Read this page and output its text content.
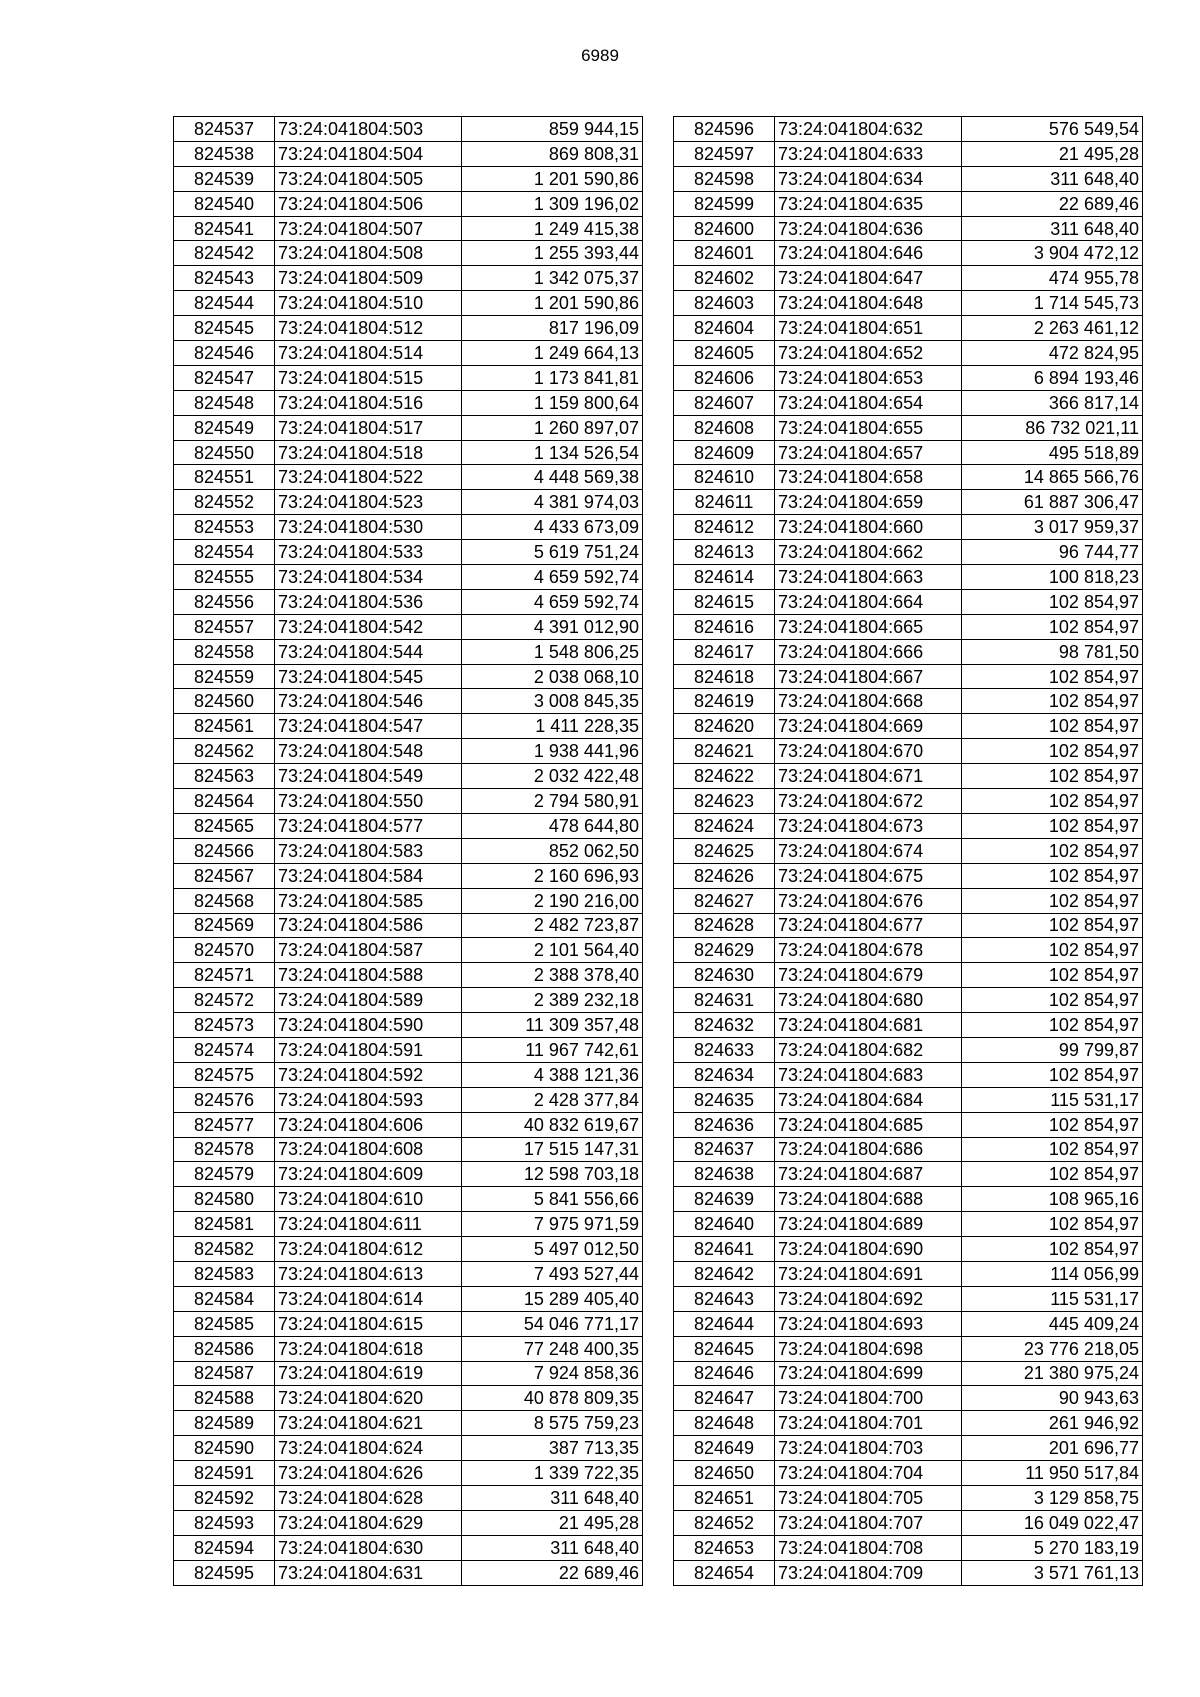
6989
824537	73:24:041804:503	859 944,15
824538	73:24:041804:504	869 808,31
824539	73:24:041804:505	1 201 590,86
824540	73:24:041804:506	1 309 196,02
824541	73:24:041804:507	1 249 415,38
824542	73:24:041804:508	1 255 393,44
824543	73:24:041804:509	1 342 075,37
824544	73:24:041804:510	1 201 590,86
824545	73:24:041804:512	817 196,09
824546	73:24:041804:514	1 249 664,13
824547	73:24:041804:515	1 173 841,81
824548	73:24:041804:516	1 159 800,64
824549	73:24:041804:517	1 260 897,07
824550	73:24:041804:518	1 134 526,54
824551	73:24:041804:522	4 448 569,38
824552	73:24:041804:523	4 381 974,03
824553	73:24:041804:530	4 433 673,09
824554	73:24:041804:533	5 619 751,24
824555	73:24:041804:534	4 659 592,74
824556	73:24:041804:536	4 659 592,74
824557	73:24:041804:542	4 391 012,90
824558	73:24:041804:544	1 548 806,25
824559	73:24:041804:545	2 038 068,10
824560	73:24:041804:546	3 008 845,35
824561	73:24:041804:547	1 411 228,35
824562	73:24:041804:548	1 938 441,96
824563	73:24:041804:549	2 032 422,48
824564	73:24:041804:550	2 794 580,91
824565	73:24:041804:577	478 644,80
824566	73:24:041804:583	852 062,50
824567	73:24:041804:584	2 160 696,93
824568	73:24:041804:585	2 190 216,00
824569	73:24:041804:586	2 482 723,87
824570	73:24:041804:587	2 101 564,40
824571	73:24:041804:588	2 388 378,40
824572	73:24:041804:589	2 389 232,18
824573	73:24:041804:590	11 309 357,48
824574	73:24:041804:591	11 967 742,61
824575	73:24:041804:592	4 388 121,36
824576	73:24:041804:593	2 428 377,84
824577	73:24:041804:606	40 832 619,67
824578	73:24:041804:608	17 515 147,31
824579	73:24:041804:609	12 598 703,18
824580	73:24:041804:610	5 841 556,66
824581	73:24:041804:611	7 975 971,59
824582	73:24:041804:612	5 497 012,50
824583	73:24:041804:613	7 493 527,44
824584	73:24:041804:614	15 289 405,40
824585	73:24:041804:615	54 046 771,17
824586	73:24:041804:618	77 248 400,35
824587	73:24:041804:619	7 924 858,36
824588	73:24:041804:620	40 878 809,35
824589	73:24:041804:621	8 575 759,23
824590	73:24:041804:624	387 713,35
824591	73:24:041804:626	1 339 722,35
824592	73:24:041804:628	311 648,40
824593	73:24:041804:629	21 495,28
824594	73:24:041804:630	311 648,40
824595	73:24:041804:631	22 689,46
824596	73:24:041804:632	576 549,54
824597	73:24:041804:633	21 495,28
824598	73:24:041804:634	311 648,40
824599	73:24:041804:635	22 689,46
824600	73:24:041804:636	311 648,40
824601	73:24:041804:646	3 904 472,12
824602	73:24:041804:647	474 955,78
824603	73:24:041804:648	1 714 545,73
824604	73:24:041804:651	2 263 461,12
824605	73:24:041804:652	472 824,95
824606	73:24:041804:653	6 894 193,46
824607	73:24:041804:654	366 817,14
824608	73:24:041804:655	86 732 021,11
824609	73:24:041804:657	495 518,89
824610	73:24:041804:658	14 865 566,76
824611	73:24:041804:659	61 887 306,47
824612	73:24:041804:660	3 017 959,37
824613	73:24:041804:662	96 744,77
824614	73:24:041804:663	100 818,23
824615	73:24:041804:664	102 854,97
824616	73:24:041804:665	102 854,97
824617	73:24:041804:666	98 781,50
824618	73:24:041804:667	102 854,97
824619	73:24:041804:668	102 854,97
824620	73:24:041804:669	102 854,97
824621	73:24:041804:670	102 854,97
824622	73:24:041804:671	102 854,97
824623	73:24:041804:672	102 854,97
824624	73:24:041804:673	102 854,97
824625	73:24:041804:674	102 854,97
824626	73:24:041804:675	102 854,97
824627	73:24:041804:676	102 854,97
824628	73:24:041804:677	102 854,97
824629	73:24:041804:678	102 854,97
824630	73:24:041804:679	102 854,97
824631	73:24:041804:680	102 854,97
824632	73:24:041804:681	102 854,97
824633	73:24:041804:682	99 799,87
824634	73:24:041804:683	102 854,97
824635	73:24:041804:684	115 531,17
824636	73:24:041804:685	102 854,97
824637	73:24:041804:686	102 854,97
824638	73:24:041804:687	102 854,97
824639	73:24:041804:688	108 965,16
824640	73:24:041804:689	102 854,97
824641	73:24:041804:690	102 854,97
824642	73:24:041804:691	114 056,99
824643	73:24:041804:692	115 531,17
824644	73:24:041804:693	445 409,24
824645	73:24:041804:698	23 776 218,05
824646	73:24:041804:699	21 380 975,24
824647	73:24:041804:700	90 943,63
824648	73:24:041804:701	261 946,92
824649	73:24:041804:703	201 696,77
824650	73:24:041804:704	11 950 517,84
824651	73:24:041804:705	3 129 858,75
824652	73:24:041804:707	16 049 022,47
824653	73:24:041804:708	5 270 183,19
824654	73:24:041804:709	3 571 761,13
